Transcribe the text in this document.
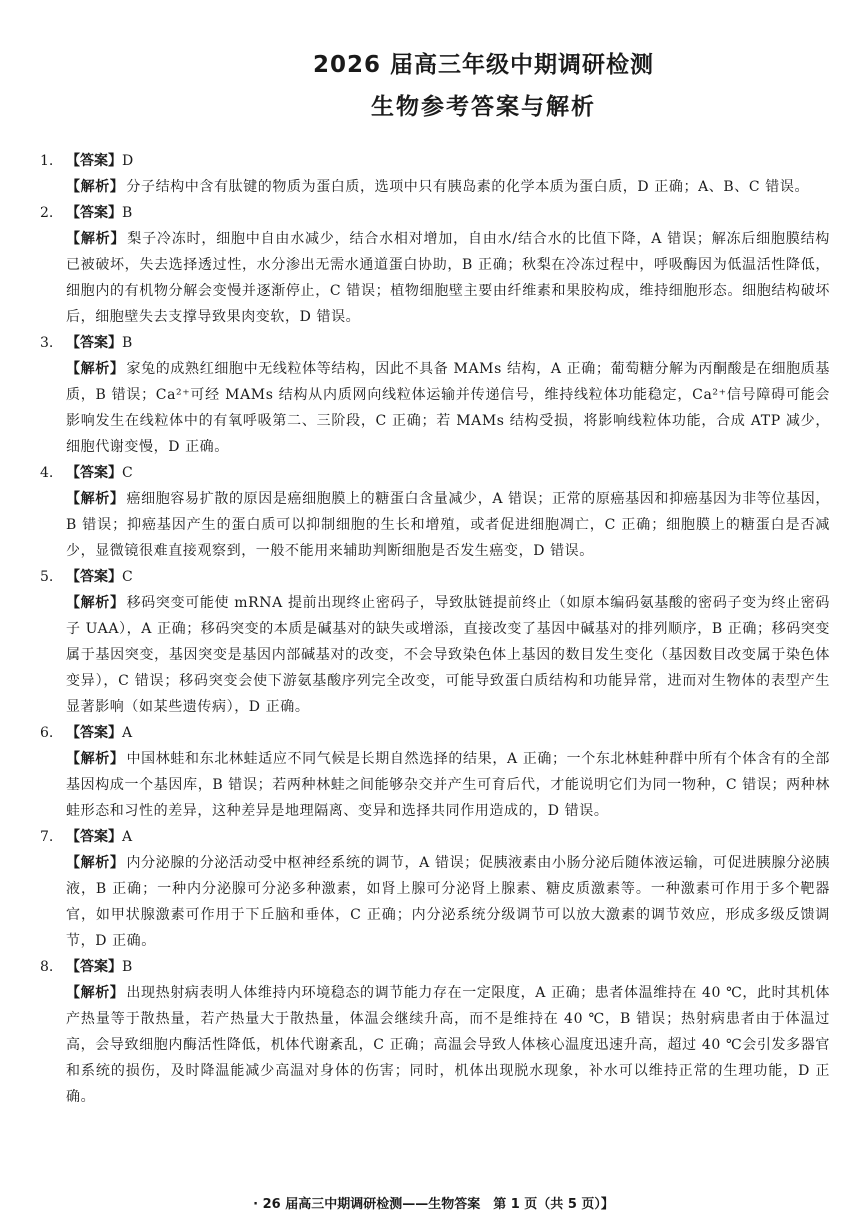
2026 届高三年级中期调研检测
生物参考答案与解析
1. 【答案】D
【解析】 分子结构中含有肽键的物质为蛋白质，选项中只有胰岛素的化学本质为蛋白质，D 正确；A、B、C 错误。
2. 【答案】B
【解析】 梨子冷冻时，细胞中自由水减少，结合水相对增加，自由水/结合水的比值下降，A 错误；解冻后细胞膜结构已被破坏，失去选择透过性，水分渗出无需水通道蛋白协助，B 正确；秋梨在冷冻过程中，呼吸酶因为低温活性降低，细胞内的有机物分解会变慢并逐渐停止，C 错误；植物细胞壁主要由纤维素和果胶构成，维持细胞形态。细胞结构破坏后，细胞壁失去支撑导致果肉变软，D 错误。
3. 【答案】B
【解析】 家兔的成熟红细胞中无线粒体等结构，因此不具备 MAMs 结构，A 正确；葡萄糖分解为丙酮酸是在细胞质基质，B 错误；Ca²⁺可经 MAMs 结构从内质网向线粒体运输并传递信号，维持线粒体功能稳定，Ca²⁺信号障碍可能会影响发生在线粒体中的有氧呼吸第二、三阶段，C 正确；若 MAMs 结构受损，将影响线粒体功能，合成 ATP 减少，细胞代谢变慢，D 正确。
4. 【答案】C
【解析】 癌细胞容易扩散的原因是癌细胞膜上的糖蛋白含量减少，A 错误；正常的原癌基因和抑癌基因为非等位基因，B 错误；抑癌基因产生的蛋白质可以抑制细胞的生长和增殖，或者促进细胞凋亡，C 正确；细胞膜上的糖蛋白是否减少，显微镜很难直接观察到，一般不能用来辅助判断细胞是否发生癌变，D 错误。
5. 【答案】C
【解析】 移码突变可能使 mRNA 提前出现终止密码子，导致肽链提前终止（如原本编码氨基酸的密码子变为终止密码子 UAA），A 正确；移码突变的本质是碱基对的缺失或增添，直接改变了基因中碱基对的排列顺序，B 正确；移码突变属于基因突变，基因突变是基因内部碱基对的改变，不会导致染色体上基因的数目发生变化（基因数目改变属于染色体变异），C 错误；移码突变会使下游氨基酸序列完全改变，可能导致蛋白质结构和功能异常，进而对生物体的表型产生显著影响（如某些遗传病），D 正确。
6. 【答案】A
【解析】 中国林蛙和东北林蛙适应不同气候是长期自然选择的结果，A 正确；一个东北林蛙种群中所有个体含有的全部基因构成一个基因库，B 错误；若两种林蛙之间能够杂交并产生可育后代，才能说明它们为同一物种，C 错误；两种林蛙形态和习性的差异，这种差异是地理隔离、变异和选择共同作用造成的，D 错误。
7. 【答案】A
【解析】 内分泌腺的分泌活动受中枢神经系统的调节，A 错误；促胰液素由小肠分泌后随体液运输，可促进胰腺分泌胰液，B 正确；一种内分泌腺可分泌多种激素，如肾上腺可分泌肾上腺素、糖皮质激素等。一种激素可作用于多个靶器官，如甲状腺激素可作用于下丘脑和垂体，C 正确；内分泌系统分级调节可以放大激素的调节效应，形成多级反馈调节，D 正确。
8. 【答案】B
【解析】 出现热射病表明人体维持内环境稳态的调节能力存在一定限度，A 正确；患者体温维持在 40 ℃，此时其机体产热量等于散热量，若产热量大于散热量，体温会继续升高，而不是维持在 40 ℃，B 错误；热射病患者由于体温过高，会导致细胞内酶活性降低，机体代谢紊乱，C 正确；高温会导致人体核心温度迅速升高，超过 40 ℃会引发多器官和系统的损伤，及时降温能减少高温对身体的伤害；同时，机体出现脱水现象，补水可以维持正常的生理功能，D 正确。
· 26 届高三中期调研检测——生物答案　第 1 页（共 5 页）】
